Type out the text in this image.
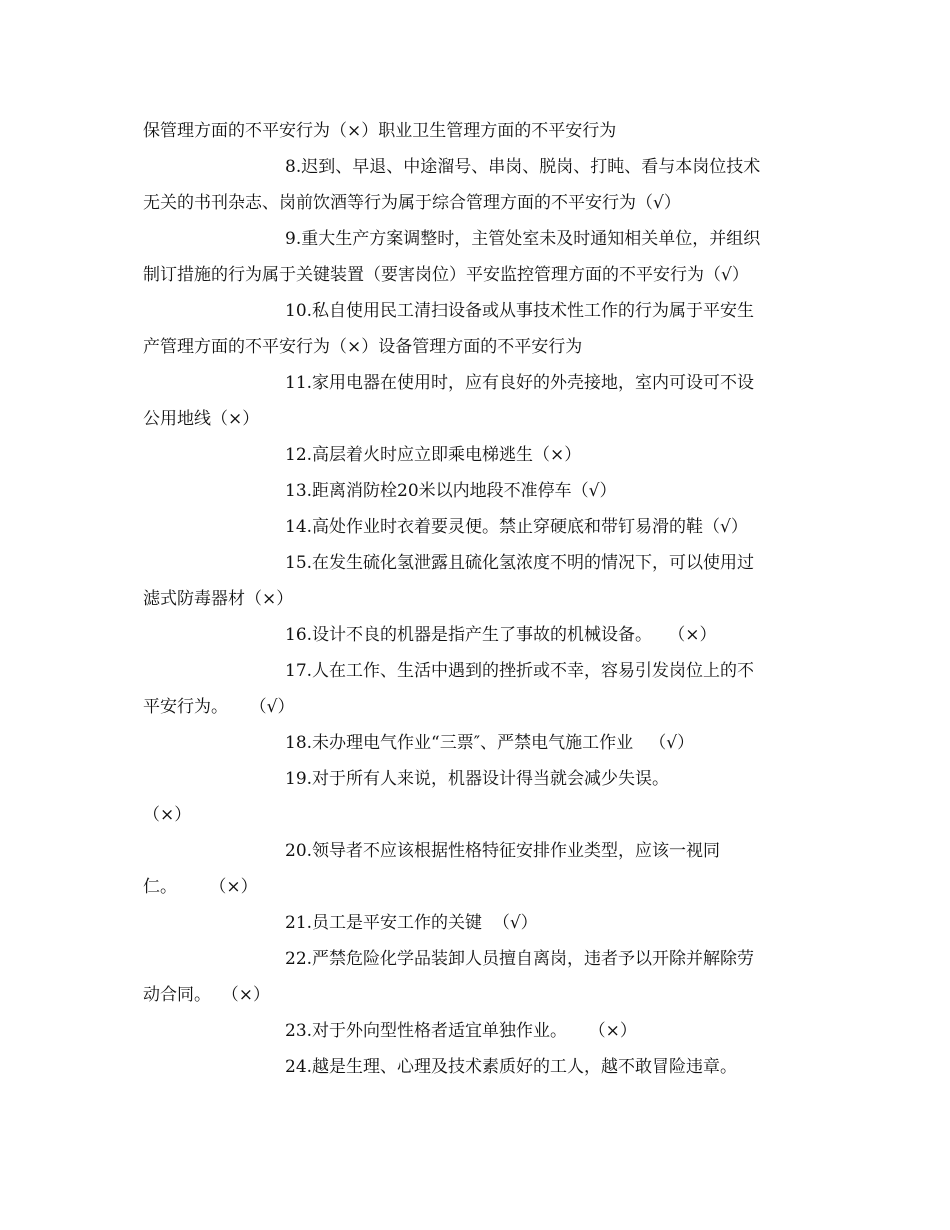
保管理方面的不平安行为（×）职业卫生管理方面的不平安行为
8.迟到、早退、中途溜号、串岗、脱岗、打盹、看与本岗位技术
无关的书刊杂志、岗前饮酒等行为属于综合管理方面的不平安行为（√）
9.重大生产方案调整时，主管处室未及时通知相关单位，并组织
制订措施的行为属于关键装置（要害岗位）平安监控管理方面的不平安行为（√）
10.私自使用民工清扫设备或从事技术性工作的行为属于平安生
产管理方面的不平安行为（×）设备管理方面的不平安行为
11.家用电器在使用时，应有良好的外壳接地，室内可设可不设
公用地线（×）
12.高层着火时应立即乘电梯逃生（×）
13.距离消防栓20米以内地段不准停车（√）
14.高处作业时衣着要灵便。禁止穿硬底和带钉易滑的鞋（√）
15.在发生硫化氢泄露且硫化氢浓度不明的情况下，可以使用过
滤式防毒器材（×）
16.设计不良的机器是指产生了事故的机械设备。   （×）
17.人在工作、生活中遇到的挫折或不幸，容易引发岗位上的不
平安行为。    （√）
18.未办理电气作业“三票″、严禁电气施工作业   （√）
19.对于所有人来说，机器设计得当就会减少失误。
（×）
20.领导者不应该根据性格特征安排作业类型，应该一视同
仁。      （×）
21.员工是平安工作的关键  （√）
22.严禁危险化学品装卸人员擅自离岗，违者予以开除并解除劳
动合同。  （×）
23.对于外向型性格者适宜单独作业。    （×）
24.越是生理、心理及技术素质好的工人，越不敢冒险违章。
